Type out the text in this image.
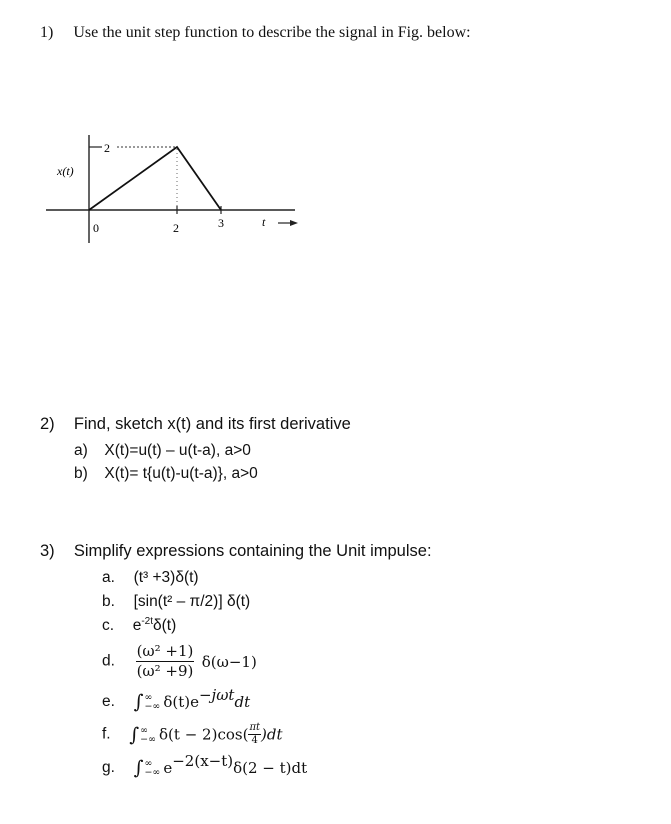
1) Use the unit step function to describe the signal in Fig. below:
2
x(t)
0	2	3	t
2) Find, sketch x(t) and its first derivative
a) X(t)=u(t) – u(t-a), a>0
b) X(t)= t{u(t)-u(t-a)}, a>0
3) Simplify expressions containing the Unit impulse:
a. (t³ +3)δ(t)
b. [sin(t² – π/2)] δ(t)
c. $e^{-2t}\delta(t)$
d. $\frac{\text{(ω² +1)}}{\text{(ω² +9)}} \delta(\omega-1)$
e. ∫ ∞
−∞ $\delta(t)e^{-j\omega t}dt$
f. ∫ ∞
−∞ $\delta(t - 2)\cos( \frac{\pi t}{4} )dt$
g. ∫ ∞
−∞ $e^{-2(x-t)}\delta(2 - t)dt$
